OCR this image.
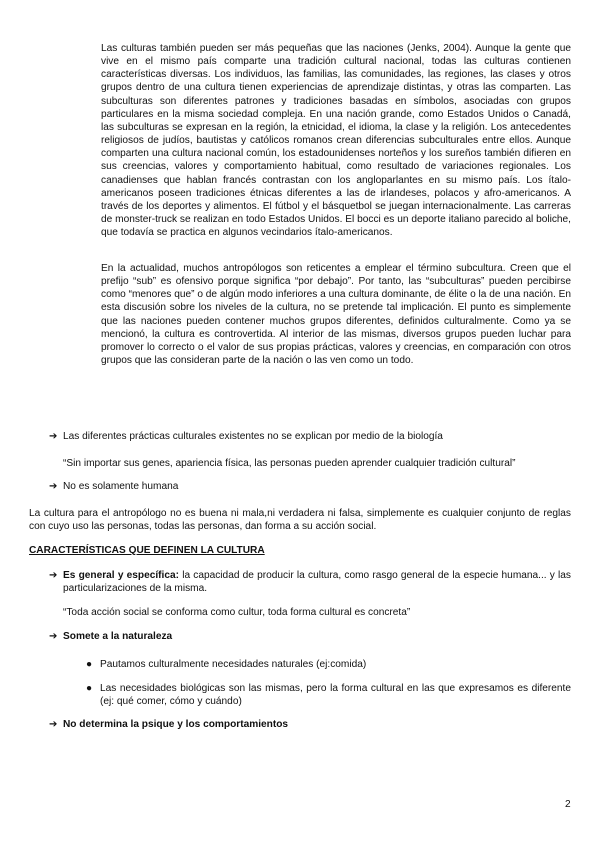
Las culturas también pueden ser más pequeñas que las naciones (Jenks, 2004). Aunque la gente que vive en el mismo país comparte una tradición cultural nacional, todas las culturas contienen características diversas. Los individuos, las familias, las comunidades, las regiones, las clases y otros grupos dentro de una cultura tienen experiencias de aprendizaje distintas, y otras las comparten. Las subculturas son diferentes patrones y tradiciones basadas en símbolos, asociadas con grupos particulares en la misma sociedad compleja. En una nación grande, como Estados Unidos o Canadá, las subculturas se expresan en la región, la etnicidad, el idioma, la clase y la religión. Los antecedentes religiosos de judíos, bautistas y católicos romanos crean diferencias subculturales entre ellos. Aunque comparten una cultura nacional común, los estadounidenses norteños y los sureños también difieren en sus creencias, valores y comportamiento habitual, como resultado de variaciones regionales. Los canadienses que hablan francés contrastan con los angloparlantes en su mismo país. Los ítalo-americanos poseen tradiciones étnicas diferentes a las de irlandeses, polacos y afro-americanos. A través de los deportes y alimentos. El fútbol y el básquetbol se juegan internacionalmente. Las carreras de monster-truck se realizan en todo Estados Unidos. El bocci es un deporte italiano parecido al boliche, que todavía se practica en algunos vecindarios ítalo-americanos.

En la actualidad, muchos antropólogos son reticentes a emplear el término subcultura. Creen que el prefijo “sub” es ofensivo porque significa “por debajo”. Por tanto, las “subculturas” pueden percibirse como “menores que” o de algún modo inferiores a una cultura dominante, de élite o la de una nación. En esta discusión sobre los niveles de la cultura, no se pretende tal implicación. El punto es simplemente que las naciones pueden contener muchos grupos diferentes, definidos culturalmente. Como ya se mencionó, la cultura es controvertida. Al interior de las mismas, diversos grupos pueden luchar para promover lo correcto o el valor de sus propias prácticas, valores y creencias, en comparación con otros grupos que las consideran parte de la nación o las ven como un todo.

➔ Las diferentes prácticas culturales existentes no se explican por medio de la biología

“Sin importar sus genes, apariencia física, las personas pueden aprender cualquier tradición cultural”

➔ No es solamente humana

La cultura para el antropólogo no es buena ni mala,ni verdadera ni falsa, simplemente es cualquier conjunto de reglas con cuyo uso las personas, todas las personas, dan forma a su acción social.

CARACTERÍSTICAS QUE DEFINEN LA CULTURA
➔ Es general y específica: la capacidad de producir la cultura, como rasgo general de la especie humana... y las particularizaciones de la misma.

“Toda acción social se conforma como cultur, toda forma cultural es concreta”

➔ Somete a la naturaleza
● Pautamos culturalmente necesidades naturales (ej:comida)
● Las necesidades biológicas son las mismas, pero la forma cultural en las que expresamos es diferente (ej: qué comer, cómo y cuándo)
➔ No determina la psique y los comportamientos
2
